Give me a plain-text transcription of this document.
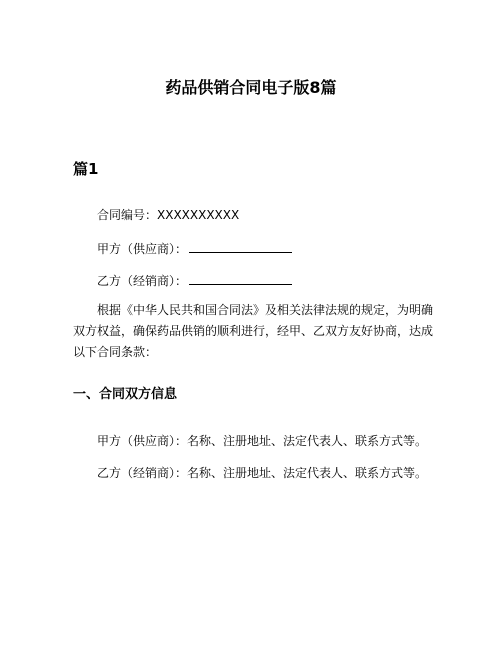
药品供销合同电子版8篇
篇1
合同编号：XXXXXXXXXX
甲方（供应商）：
乙方（经销商）：
根据《中华人民共和国合同法》及相关法律法规的规定，为明确双方权益，确保药品供销的顺利进行，经甲、乙双方友好协商，达成以下合同条款：
一、合同双方信息
甲方（供应商）：名称、注册地址、法定代表人、联系方式等。
乙方（经销商）：名称、注册地址、法定代表人、联系方式等。
